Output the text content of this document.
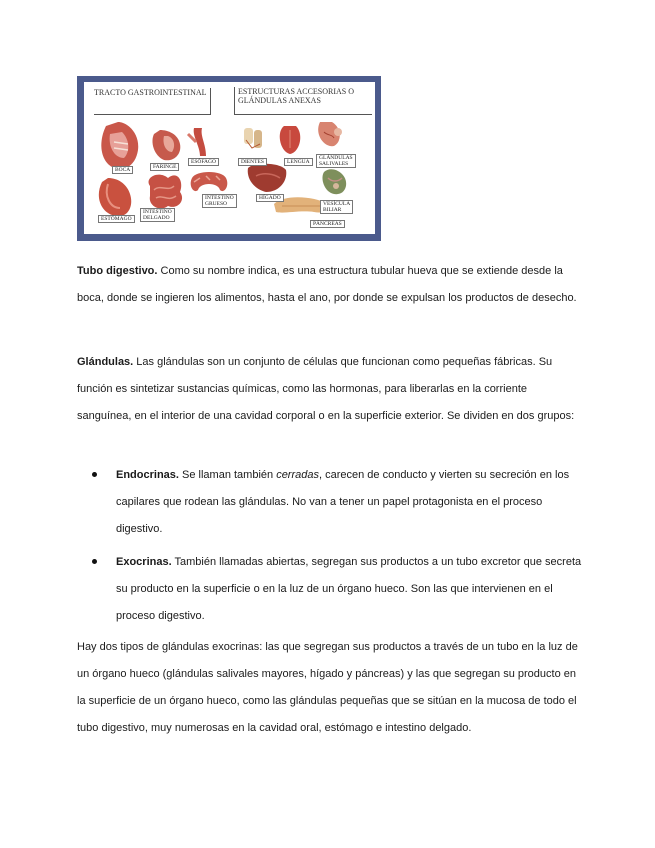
TRACTO GASTROINTESTINAL	ESTRUCTURAS ACCESORIAS O GLÁNDULAS ANEXAS
BOCA	FARINGE
ESÓFAGO
ESTÓMAGO
INTESTINO
DELGADO
INTESTINO
GRUESO
DIENTES	LENGUA
GLÁNDULAS
SALIVALES
HÍGADO
VESÍCULA
BILIAR
PÁNCREAS

Tubo digestivo. Como su nombre indica, es una estructura tubular hueva que se extiende desde la boca, donde se ingieren los alimentos, hasta el ano, por donde se expulsan los productos de desecho.

Glándulas. Las glándulas son un conjunto de células que funcionan como pequeñas fábricas. Su función es sintetizar sustancias químicas, como las hormonas, para liberarlas en la corriente sanguínea, en el interior de una cavidad corporal o en la superficie exterior. Se dividen en dos grupos:

Endocrinas. Se llaman también cerradas, carecen de conducto y vierten su secreción en los capilares que rodean las glándulas. No van a tener un papel protagonista en el proceso digestivo.

Exocrinas. También llamadas abiertas, segregan sus productos a un tubo excretor que secreta su producto en la superficie o en la luz de un órgano hueco. Son las que intervienen en el proceso digestivo.

Hay dos tipos de glándulas exocrinas: las que segregan sus productos a través de un tubo en la luz de un órgano hueco (glándulas salivales mayores, hígado y páncreas) y las que segregan su producto en la superficie de un órgano hueco, como las glándulas pequeñas que se sitúan en la mucosa de todo el tubo digestivo, muy numerosas en la cavidad oral, estómago e intestino delgado.
